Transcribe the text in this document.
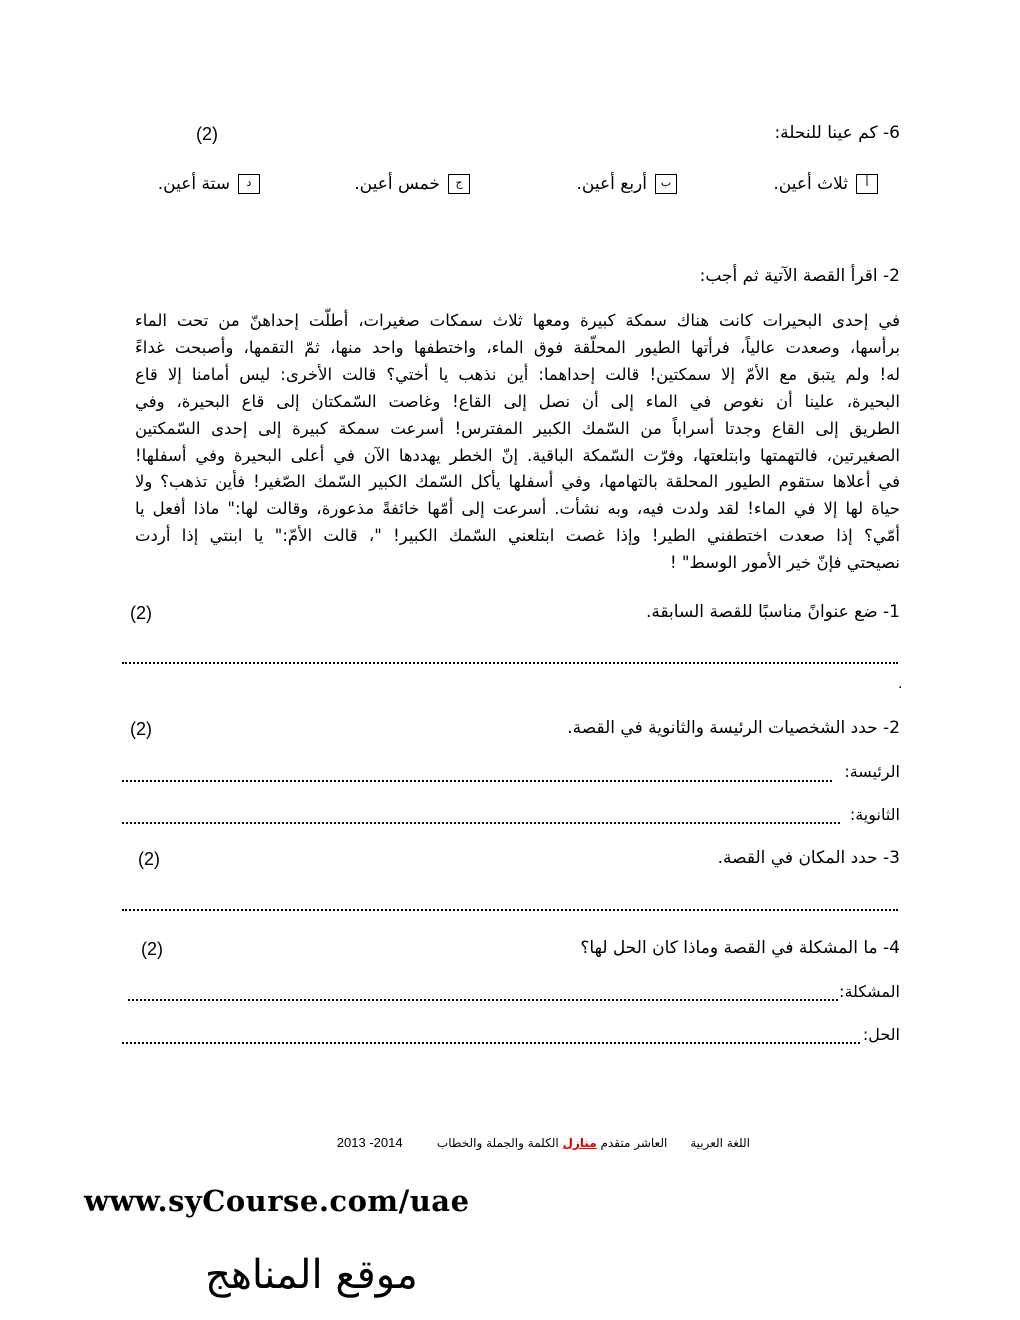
6- كم عينا للنحلة:
(2)
أثلاث أعين.
بأربع أعين.
جخمس أعين.
دستة أعين.
2- اقرأ القصة الآتية ثم أجب:
في إحدى البحيرات كانت هناك سمكة كبيرة ومعها ثلاث سمكات صغيرات، أطلّت إحداهنّ من تحت الماء
برأسها، وصعدت عالياً، فرأتها الطيور المحلّقة فوق الماء، واختطفها واحد منها، ثمّ التقمها، وأصبحت غداءً
له! ولم يتبق مع الأمّ إلا سمكتين! قالت إحداهما: أين نذهب يا أختي؟ قالت الأخرى: ليس أمامنا إلا قاع
البحيرة، علينا أن نغوص في الماء إلى أن نصل إلى القاع! وغاصت السّمكتان إلى قاع البحيرة، وفي
الطريق إلى القاع وجدتا أسراباً من السّمك الكبير المفترس! أسرعت سمكة كبيرة إلى إحدى السّمكتين
الصغيرتين، فالتهمتها وابتلعتها، وفرّت السّمكة الباقية. إنّ الخطر يهددها الآن في أعلى البحيرة وفي أسفلها!
في أعلاها ستقوم الطيور المحلقة بالتهامها، وفي أسفلها يأكل السّمك الكبير السّمك الصّغير! فأين تذهب؟ ولا
حياة لها إلا في الماء! لقد ولدت فيه، وبه نشأت. أسرعت إلى أمّها خائفةً مذعورة، وقالت لها:" ماذا أفعل يا
أمّي؟ إذا صعدت اختطفني الطير! وإذا غصت ابتلعني السّمك الكبير! "، قالت الأمّ:" يا ابنتي إذا أردت
نصيحتي فإنّ خير الأمور الوسط" !
1- ضع عنوانً مناسبًا للقصة السابقة.
(2)
.
2- حدد الشخصيات الرئيسة والثانوية في القصة.
(2)
الرئيسة:
الثانوية:
3- حدد المكان في القصة.
(2)
4- ما المشكلة في القصة وماذا كان الحل لها؟
(2)
المشكلة:
الحل:
اللغة العربية      العاشر متقدم منازل الكلمة والجملة والخطاب         2014- 2013
www.syCourse.com/uae
موقع المناهج
